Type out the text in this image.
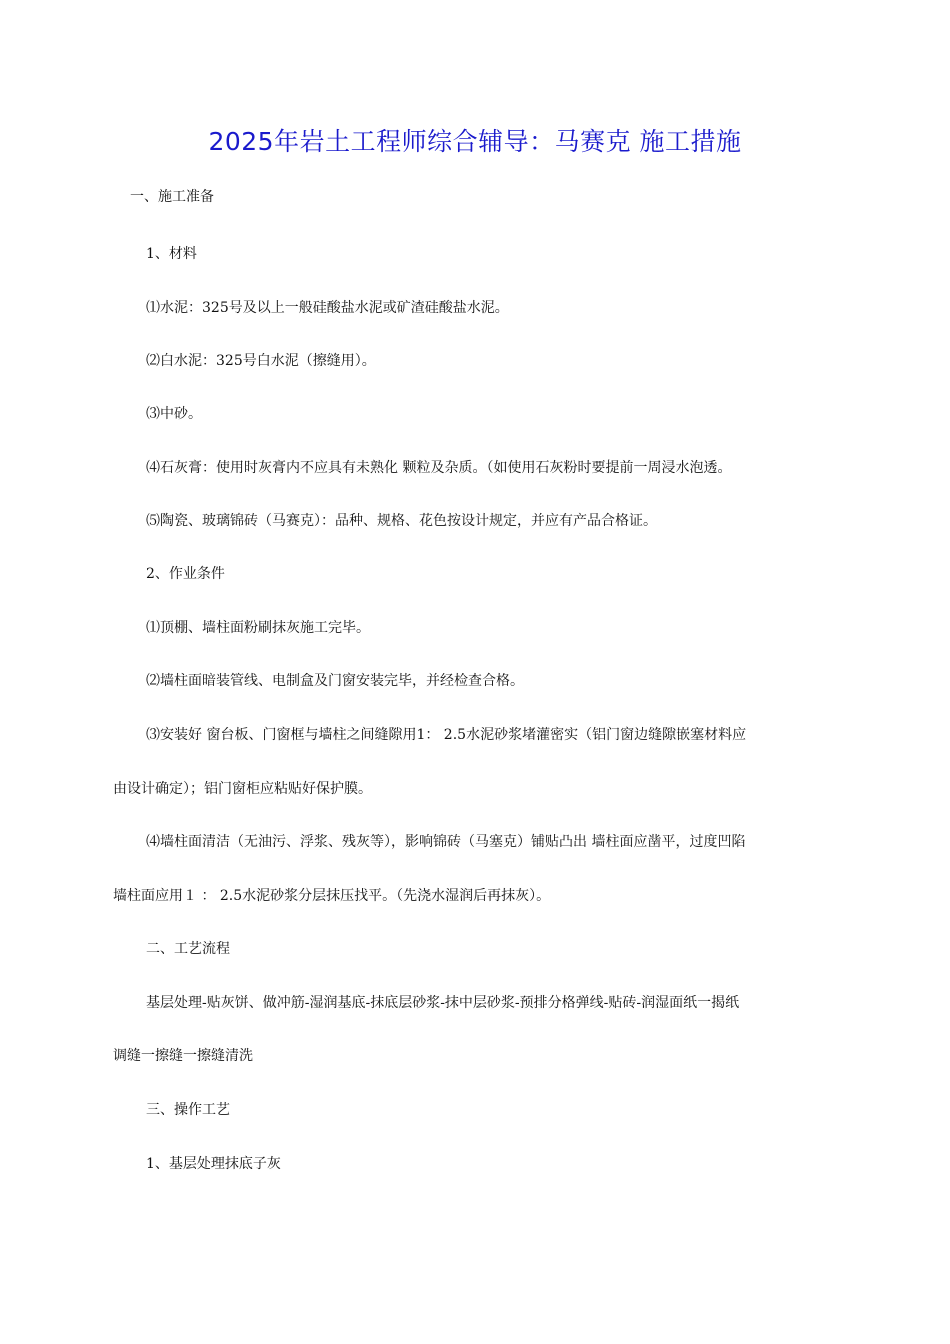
2025年岩土工程师综合辅导：马赛克 施工措施
一、施工准备
1、材料
⑴水泥：325号及以上一般硅酸盐水泥或矿渣硅酸盐水泥。
⑵白水泥：325号白水泥（擦缝用）。
⑶中砂。
⑷石灰膏：使用时灰膏内不应具有未熟化 颗粒及杂质。（如使用石灰粉时要提前一周浸水泡透。
⑸陶瓷、玻璃锦砖（马赛克）：品种、规格、花色按设计规定，并应有产品合格证。
2、作业条件
⑴顶棚、墙柱面粉刷抹灰施工完毕。
⑵墙柱面暗装管线、电制盒及门窗安装完毕，并经检查合格。
⑶安装好 窗台板、门窗框与墙柱之间缝隙用1： 2.5水泥砂浆堵灌密实（铝门窗边缝隙嵌塞材料应
由设计确定）；铝门窗柜应粘贴好保护膜。
⑷墙柱面清洁（无油污、浮浆、残灰等），影响锦砖（马塞克）铺贴凸出 墙柱面应凿平，过度凹陷
墙柱面应用１ ： 2.5水泥砂浆分层抹压找平。（先浇水湿润后再抹灰）。
二、工艺流程
基层处理-贴灰饼、做冲筋-湿润基底-抹底层砂浆-抹中层砂浆-预排分格弹线-贴砖-润湿面纸一揭纸
调缝一擦缝一擦缝清洗
三、操作工艺
1、基层处理抹底子灰
